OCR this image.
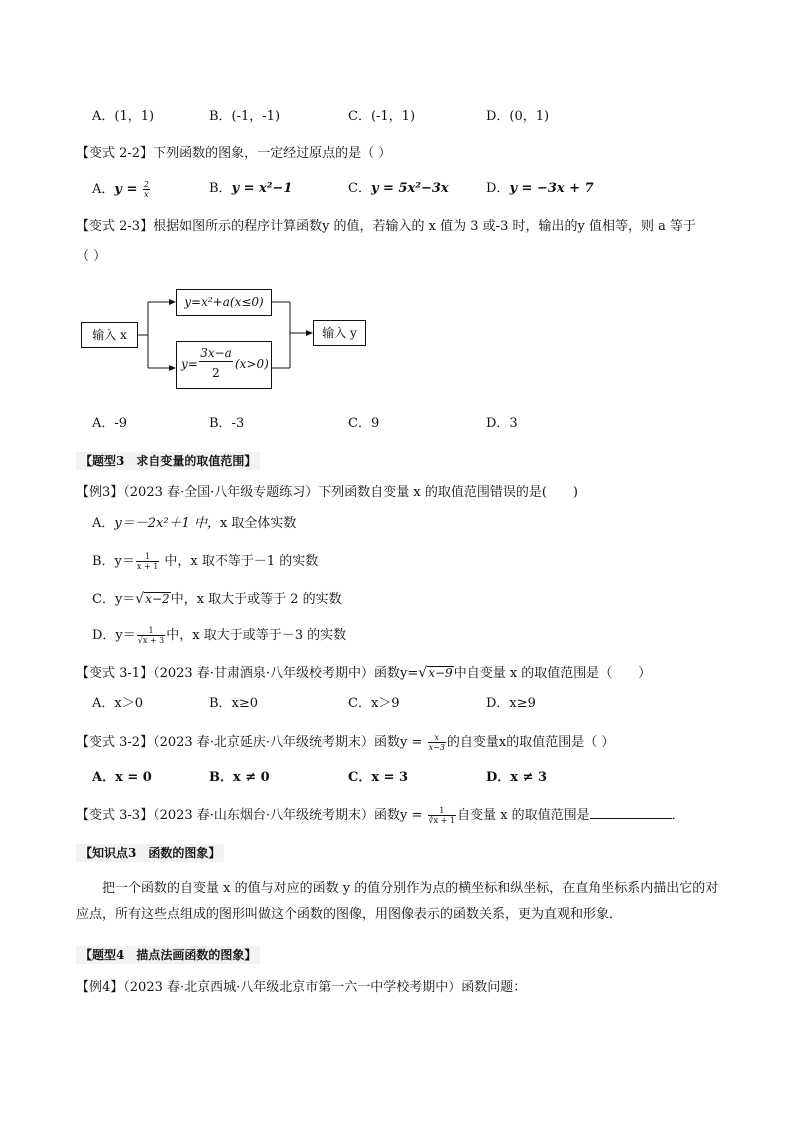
A．(1，1)	B．(-1，-1)	C．(-1，1)	D．(0，1)
【变式 2-2】下列函数的图象，一定经过原点的是（ ）
A．$y = \frac{2}{x}$	B．y = x²−1	C．y = 5x²−3x	D．y = −3x + 7
【变式 2-3】根据如图所示的程序计算函数y 的值，若输入的 x 值为 3 或-3 时，输出的y 值相等，则 a 等于
（ ）
输入 x
y=x²+a(x≤0)
y=
3x−a
2
(x>0)
输入 y
A．-9	B．-3	C．9	D．3
【题型3　求自变量的取值范围】
【例3】（2023 春·全国·八年级专题练习）下列函数自变量 x 的取值范围错误的是(　　)
A．y＝－2x²＋1 中，x 取全体实数
B．$y= \frac{1}{x + 1}$ 中，x 取不等于－1 的实数
C．y＝√x−2中，x 取大于或等于 2 的实数
D．$y= \frac{1}{√x + 3}$ 中，x 取大于或等于－3 的实数
【变式 3-1】（2023 春·甘肃酒泉·八年级校考期中）函数y=√x−9中自变量 x 的取值范围是（　　）
A．x＞0	B．x≥0	C．x＞9	D．x≥9
【变式 3-2】（2023 春·北京延庆·八年级统考期末）函数$y = \frac{x}{x-3}$ 的自变量x的取值范围是（ ）
A．x = 0	B．x ≠ 0	C．x = 3	D．x ≠ 3
【变式 3-3】（2023 春·山东烟台·八年级统考期末）函数$y = \frac{1}{∛x + 1}$ 自变量 x 的取值范围是	．
【知识点3　函数的图象】
把一个函数的自变量 x 的值与对应的函数 y 的值分别作为点的横坐标和纵坐标，在直角坐标系内描出它的对应点，所有这些点组成的图形叫做这个函数的图像，用图像表示的函数关系，更为直观和形象．
【题型4　描点法画函数的图象】
【例4】（2023 春·北京西城·八年级北京市第一六一中学校考期中）函数问题：
